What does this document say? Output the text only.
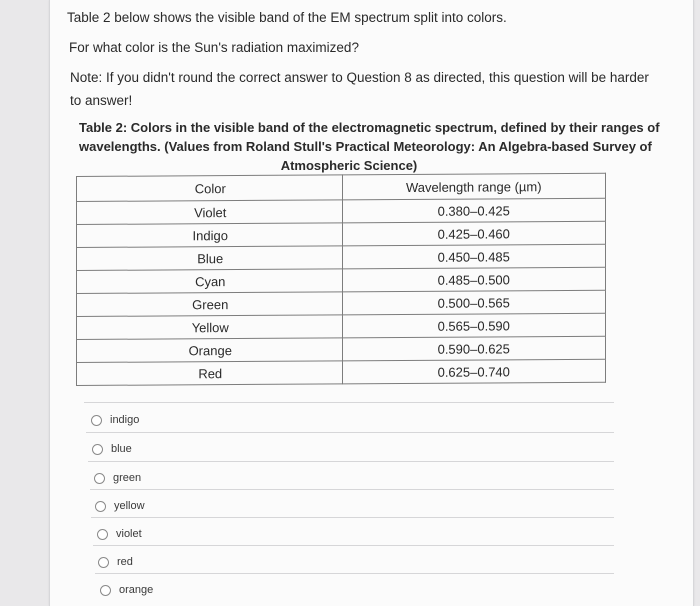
Table 2 below shows the visible band of the EM spectrum split into colors.
For what color is the Sun's radiation maximized?
Note: If you didn't round the correct answer to Question 8 as directed, this question will be harder
to answer!
Table 2: Colors in the visible band of the electromagnetic spectrum, defined by their ranges of
wavelengths. (Values from Roland Stull's Practical Meteorology: An Algebra-based Survey of
Atmospheric Science)
Color	Wavelength range (µm)
Violet	0.380–0.425
Indigo	0.425–0.460
Blue	0.450–0.485
Cyan	0.485–0.500
Green	0.500–0.565
Yellow	0.565–0.590
Orange	0.590–0.625
Red	0.625–0.740
indigo
blue
green
yellow
violet
red
orange
